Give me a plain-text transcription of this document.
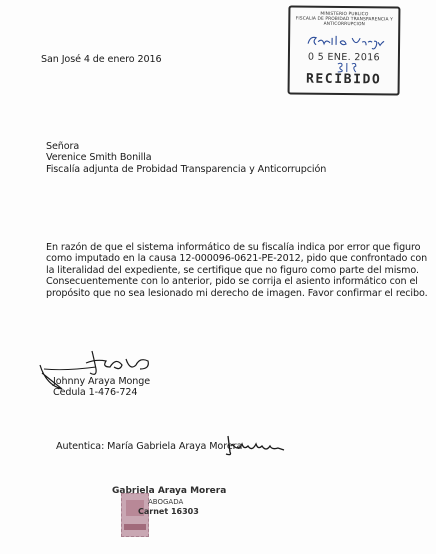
San José 4 de enero 2016
MINISTERIO PUBLICO
FISCALIA DE PROBIDAD TRANSPARENCIA Y
ANTICORRUPCION
0 5 ENE. 2016
RECIBIDO
Señora
Verenice Smith Bonilla
Fiscalía adjunta de Probidad Transparencia y Anticorrupción
En razón de que el sistema informático de su fiscalía indica por error que figuro
como imputado en la causa 12-000096-0621-PE-2012, pido que confrontado con
la literalidad del expediente, se certifique que no figuro como parte del mismo.
Consecuentemente con lo anterior, pido se corrija el asiento informático con el
propósito que no sea lesionado mi derecho de imagen. Favor confirmar el recibo.
Johnny Araya Monge
Cedula 1-476-724
Autentica: María Gabriela Araya Morera
Gabriela Araya Morera
ABOGADA
Carnet 16303
